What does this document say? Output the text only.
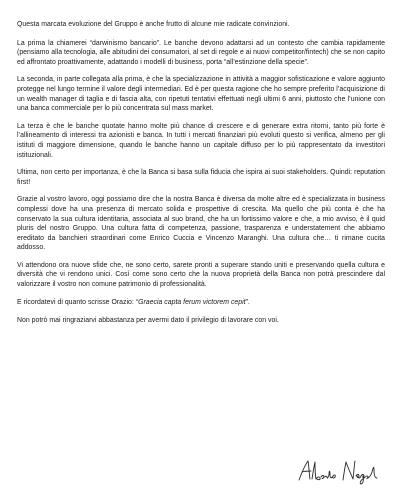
Questa marcata evoluzione del Gruppo è anche frutto di alcune mie radicate convinzioni.

La prima la chiamerei “darwinismo bancario”. Le banche devono adattarsi ad un contesto che cambia rapidamente (pensiamo alla tecnologia, alle abitudini dei consumatori, al set di regole e ai nuovi competitor/fintech) che se non capito ed affrontato proattivamente, adattando i modelli di business, porta “all’estinzione della specie”.

La seconda, in parte collegata alla prima, è che la specializzazione in attività a maggior sofisticazione e valore aggiunto protegge nel lungo termine il valore degli intermediari. Ed è per questa ragione che ho sempre preferito l’acquisizione di un wealth manager di taglia e di fascia alta, con ripetuti tentativi effettuati negli ultimi 6 anni, piuttosto che l’unione con una banca commerciale per lo più concentrata sul mass market.

La terza è che le banche quotate hanno molte più chance di crescere e di generare extra ritorni, tanto più forte è l’allineamento di interessi tra azionisti e banca. In tutti i mercati finanziari più evoluti questo si verifica, almeno per gli istituti di maggiore dimensione, quando le banche hanno un capitale diffuso per lo più rappresentato da investitori istituzionali.

Ultima, non certo per importanza, è che la Banca si basa sulla fiducia che ispira ai suoi stakeholders. Quindi: reputation first!

Grazie al vostro lavoro, oggi possiamo dire che la nostra Banca è diversa da molte altre ed è specializzata in business complessi dove ha una presenza di mercato solida e prospettive di crescita. Ma quello che più conta è che ha conservato la sua cultura identitaria, associata al suo brand, che ha un fortissimo valore e che, a mio avviso, è il quid pluris del nostro Gruppo. Una cultura fatta di competenza, passione, trasparenza e understatement che abbiamo ereditato da banchieri straordinari come Enrico Cuccia e Vincenzo Maranghi. Una cultura che… ti rimane cucita addosso.

Vi attendono ora nuove sfide che, ne sono certo, sarete pronti a superare stando uniti e preservando quella cultura e diversità che vi rendono unici. Così come sono certo che la nuova proprietà della Banca non potrà prescindere dal valorizzare il vostro non comune patrimonio di professionalità.

E ricordatevi di quanto scrisse Orazio: “Graecia capta ferum victorem cepit”.

Non potrò mai ringraziarvi abbastanza per avermi dato il privilegio di lavorare con voi.
